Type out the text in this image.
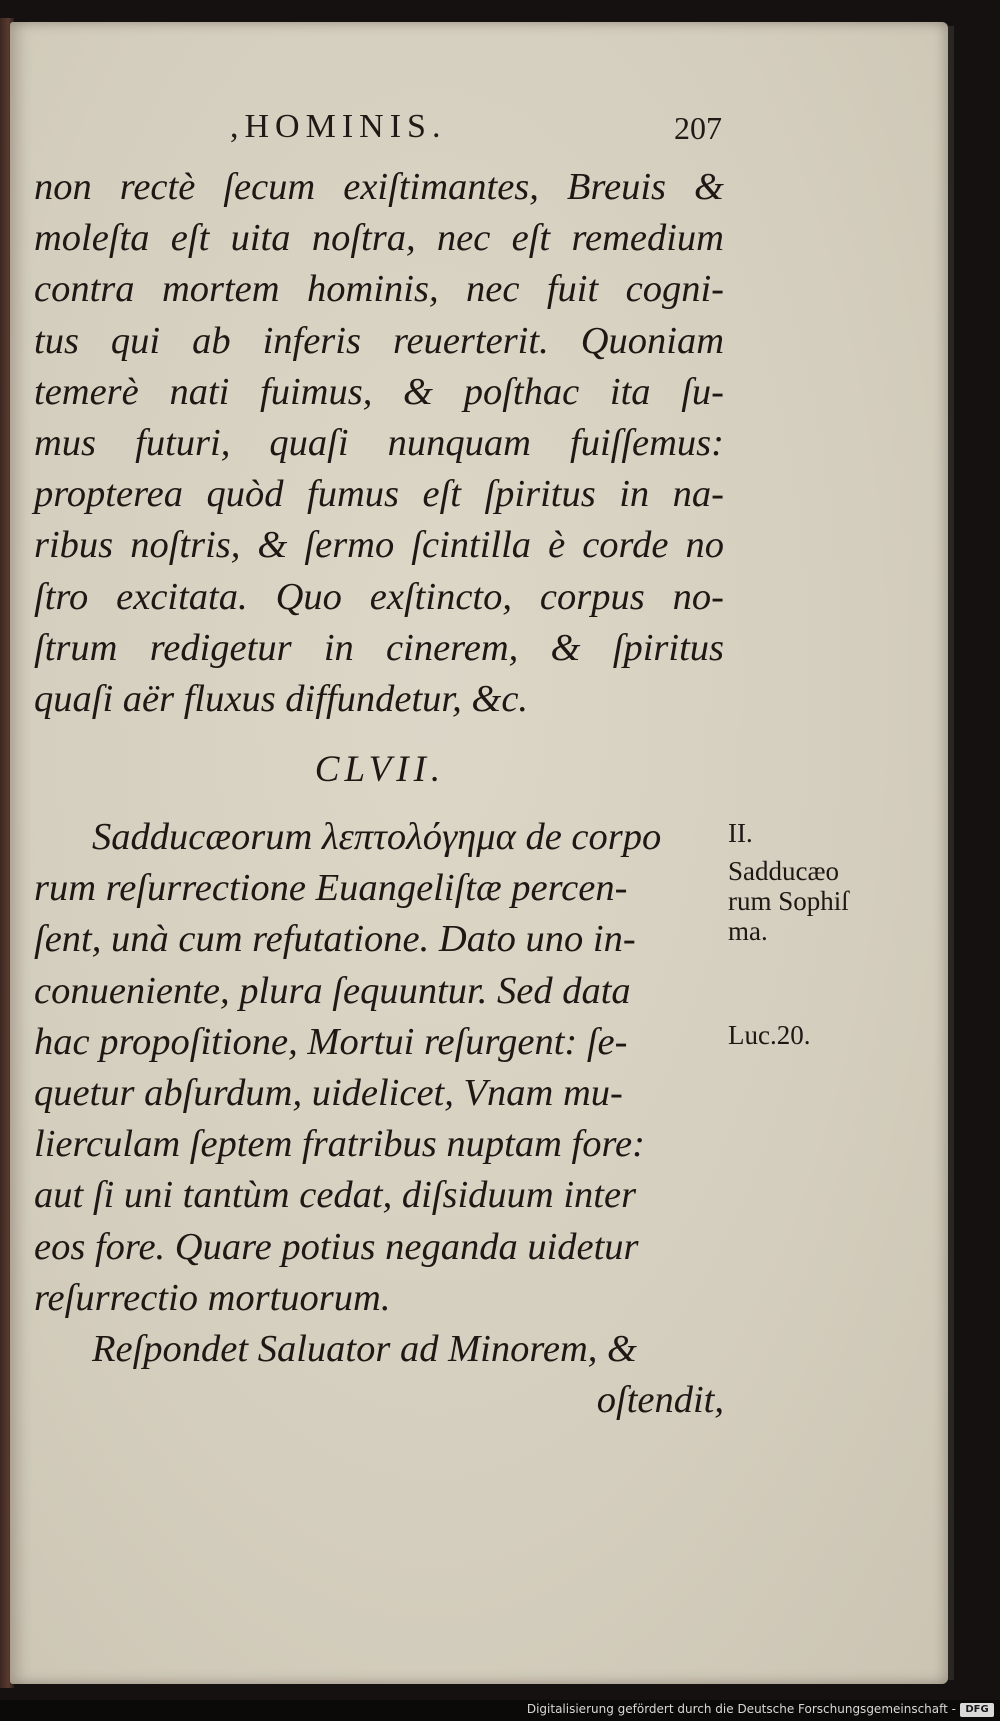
,HOMINIS.	207
non rectè ſecum exiſtimantes, Breuis &
moleſta eſt uita noſtra, nec eſt remedium
contra mortem hominis, nec fuit cogni-
tus qui ab inferis reuerterit. Quoniam
temerè nati fuimus, & poſthac ita ſu-
mus futuri, quaſi nunquam fuiſſemus:
propterea quòd fumus eſt ſpiritus in na-
ribus noſtris, & ſermo ſcintilla è corde no
ſtro excitata. Quo exſtincto, corpus no-
ſtrum redigetur in cinerem, & ſpiritus
quaſi aër fluxus diffundetur, &c.
CLVII.
Sadducæorum λεπτολόγημα de corpo
rum reſurrectione Euangeliſtæ percen-
ſent, unà cum refutatione. Dato uno in-
conueniente, plura ſequuntur. Sed data
hac propoſitione, Mortui reſurgent: ſe-
quetur abſurdum, uidelicet, Vnam mu-
lierculam ſeptem fratribus nuptam fore:
aut ſi uni tantùm cedat, diſsiduum inter
eos fore. Quare potius neganda uidetur
reſurrectio mortuorum.
Reſpondet Saluator ad Minorem, &
oſtendit,
II.
Sadducæo
rum Sophiſ
ma.
Luc.20.
Digitalisierung gefördert durch die Deutsche Forschungsgemeinschaft - DFG
